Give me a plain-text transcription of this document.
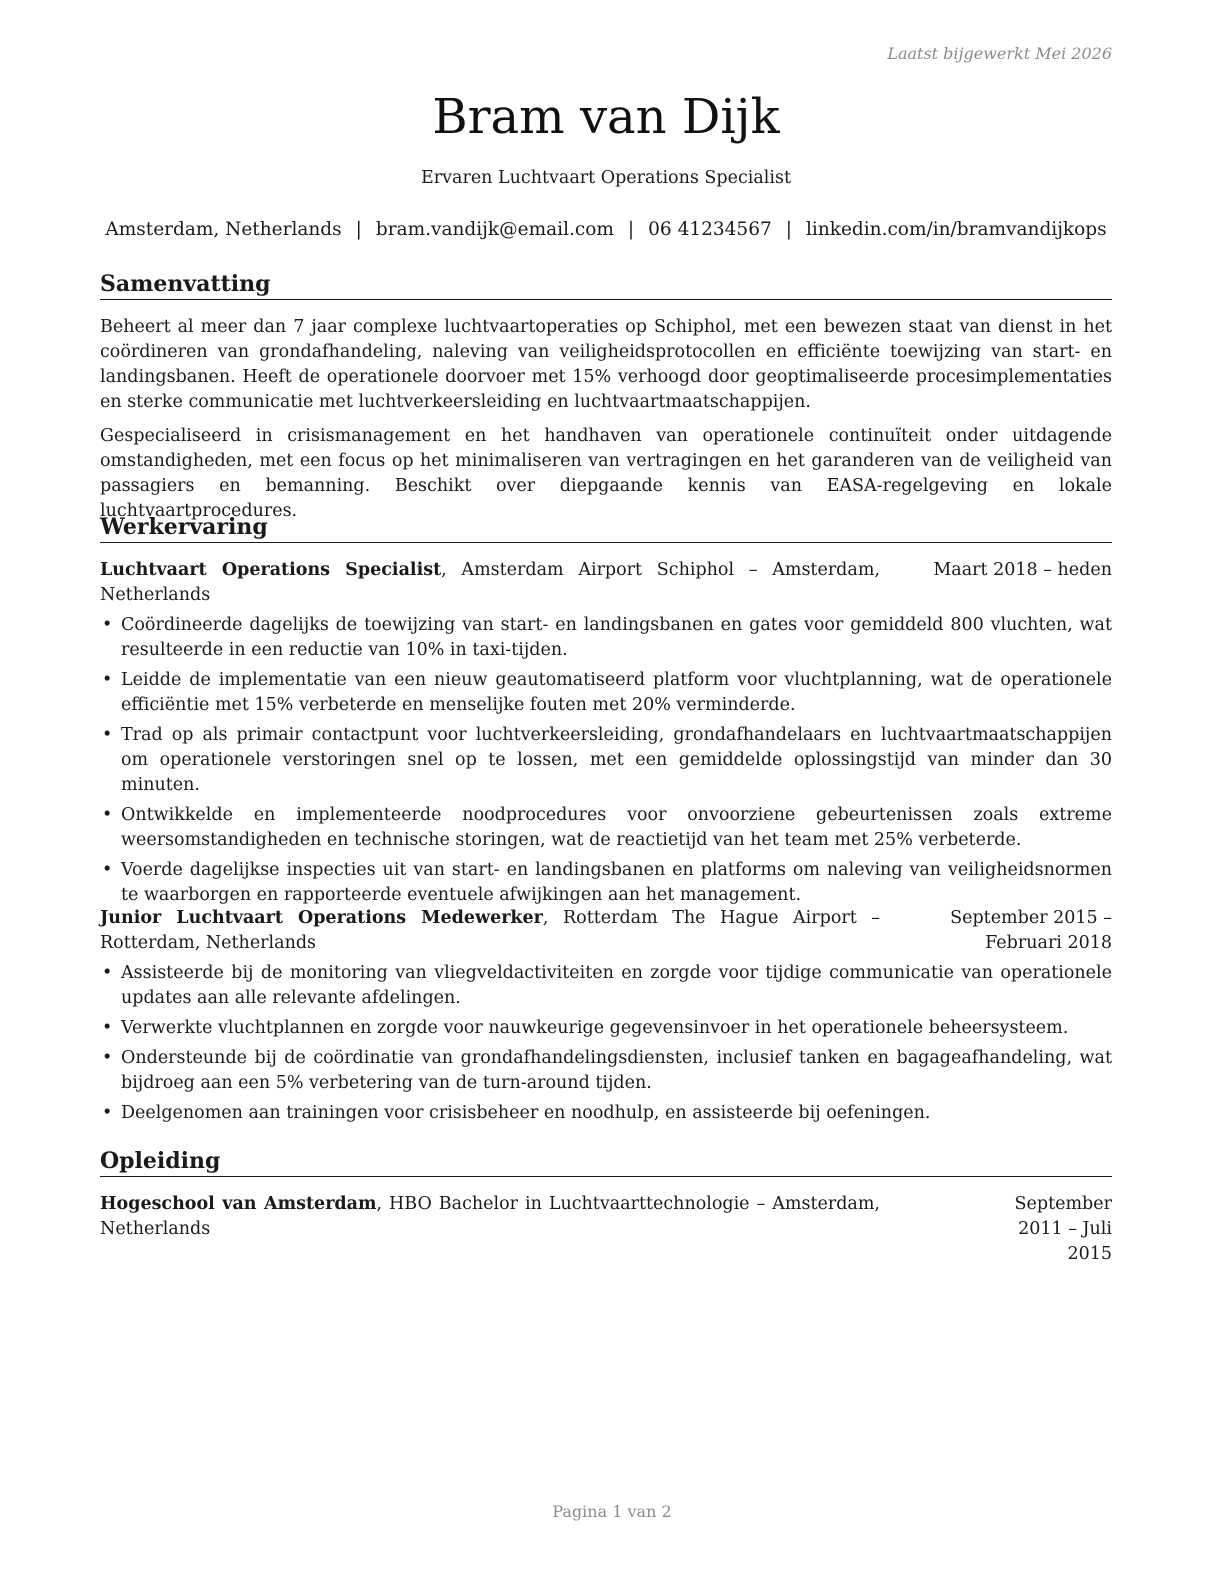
Laatst bijgewerkt Mei 2026
Bram van Dijk
Ervaren Luchtvaart Operations Specialist
Amsterdam, Netherlands | bram.vandijk@email.com | 06 41234567 | linkedin.com/in/bramvandijkops
Samenvatting
Beheert al meer dan 7 jaar complexe luchtvaartoperaties op Schiphol, met een bewezen staat van dienst in het coördineren van grondafhandeling, naleving van veiligheidsprotocollen en efficiënte toewijzing van start- en landingsbanen. Heeft de operationele doorvoer met 15% verhoogd door geoptimaliseerde procesimplementaties en sterke communicatie met luchtverkeersleiding en luchtvaartmaatschappijen.
Gespecialiseerd in crisismanagement en het handhaven van operationele continuïteit onder uitdagende omstandigheden, met een focus op het minimaliseren van vertragingen en het garanderen van de veiligheid van passagiers en bemanning. Beschikt over diepgaande kennis van EASA-regelgeving en lokale luchtvaartprocedures.
Werkervaring
Luchtvaart Operations Specialist, Amsterdam Airport Schiphol – Amsterdam, Netherlands
Maart 2018 – heden
• Coördineerde dagelijks de toewijzing van start- en landingsbanen en gates voor gemiddeld 800 vluchten, wat resulteerde in een reductie van 10% in taxi-tijden.
• Leidde de implementatie van een nieuw geautomatiseerd platform voor vluchtplanning, wat de operationele efficiëntie met 15% verbeterde en menselijke fouten met 20% verminderde.
• Trad op als primair contactpunt voor luchtverkeersleiding, grondafhandelaars en luchtvaartmaatschappijen om operationele verstoringen snel op te lossen, met een gemiddelde oplossingstijd van minder dan 30 minuten.
• Ontwikkelde en implementeerde noodprocedures voor onvoorziene gebeurtenissen zoals extreme weersomstandigheden en technische storingen, wat de reactietijd van het team met 25% verbeterde.
• Voerde dagelijkse inspecties uit van start- en landingsbanen en platforms om naleving van veiligheidsnormen te waarborgen en rapporteerde eventuele afwijkingen aan het management.
Junior Luchtvaart Operations Medewerker, Rotterdam The Hague Airport – Rotterdam, Netherlands
September 2015 – Februari 2018
• Assisteerde bij de monitoring van vliegveldactiviteiten en zorgde voor tijdige communicatie van operationele updates aan alle relevante afdelingen.
• Verwerkte vluchtplannen en zorgde voor nauwkeurige gegevensinvoer in het operationele beheersysteem.
• Ondersteunde bij de coördinatie van grondafhandelingsdiensten, inclusief tanken en bagageafhandeling, wat bijdroeg aan een 5% verbetering van de turn-around tijden.
• Deelgenomen aan trainingen voor crisisbeheer en noodhulp, en assisteerde bij oefeningen.
Opleiding
Hogeschool van Amsterdam, HBO Bachelor in Luchtvaarttechnologie – Amsterdam, Netherlands
September 2011 – Juli 2015
Pagina 1 van 2
